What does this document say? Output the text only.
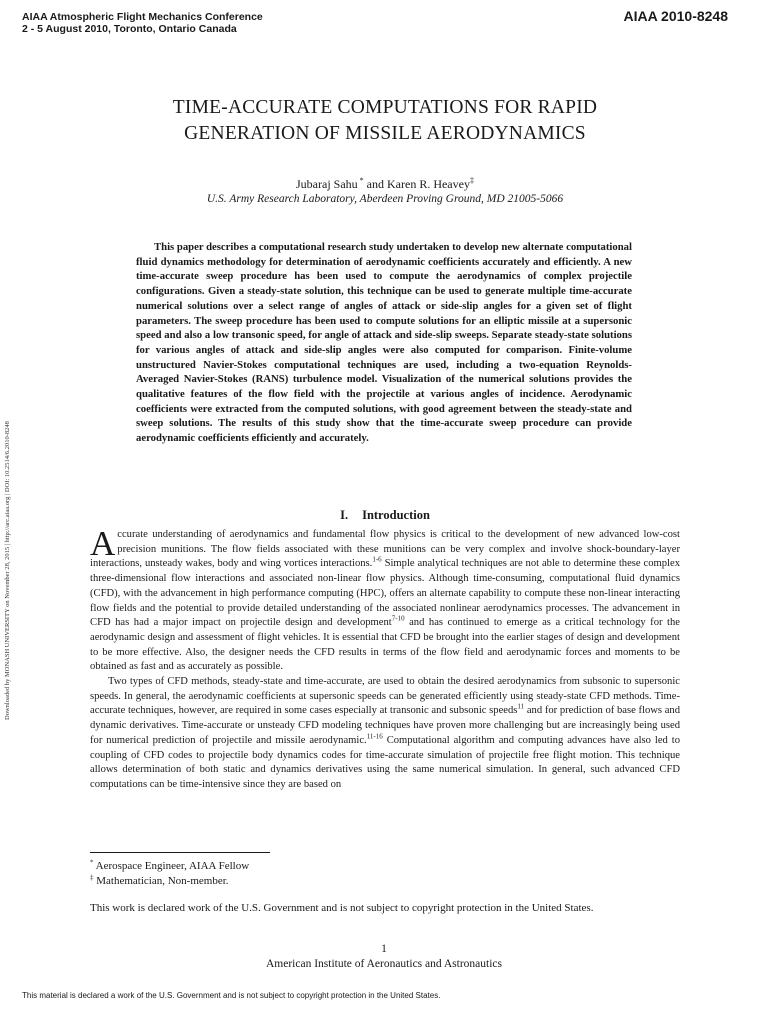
AIAA Atmospheric Flight Mechanics Conference
2 - 5 August 2010, Toronto, Ontario Canada
AIAA 2010-8248
Downloaded by MONASH UNIVERSITY on November 28, 2015 | http://arc.aiaa.org | DOI: 10.2514/6.2010-8248
TIME-ACCURATE COMPUTATIONS FOR RAPID
GENERATION OF MISSILE AERODYNAMICS
Jubaraj Sahu * and Karen R. Heavey‡
U.S. Army Research Laboratory, Aberdeen Proving Ground, MD 21005-5066
This paper describes a computational research study undertaken to develop new alternate computational fluid dynamics methodology for determination of aerodynamic coefficients accurately and efficiently. A new time-accurate sweep procedure has been used to compute the aerodynamics of complex projectile configurations. Given a steady-state solution, this technique can be used to generate multiple time-accurate numerical solutions over a select range of angles of attack or side-slip angles for a given set of flight parameters. The sweep procedure has been used to compute solutions for an elliptic missile at a supersonic speed and also a low transonic speed, for angle of attack and side-slip sweeps. Separate steady-state solutions for various angles of attack and side-slip angles were also computed for comparison. Finite-volume unstructured Navier-Stokes computational techniques are used, including a two-equation Reynolds-Averaged Navier-Stokes (RANS) turbulence model. Visualization of the numerical solutions provides the qualitative features of the flow field with the projectile at various angles of incidence. Aerodynamic coefficients were extracted from the computed solutions, with good agreement between the steady-state and sweep solutions. The results of this study show that the time-accurate sweep procedure can provide aerodynamic coefficients efficiently and accurately.
I. Introduction

Accurate understanding of aerodynamics and fundamental flow physics is critical to the development of new advanced low-cost precision munitions. The flow fields associated with these munitions can be very complex and involve shock-boundary-layer interactions, unsteady wakes, body and wing vortices interactions.$^{1-6}$ Simple analytical techniques are not able to determine these complex three-dimensional flow interactions and associated non-linear flow physics. Although time-consuming, computational fluid dynamics (CFD), with the advancement in high performance computing (HPC), offers an alternate capability to compute these non-linear interacting flow fields and the potential to provide detailed understanding of the associated nonlinear aerodynamics processes. The advancement in CFD has had a major impact on projectile design and development$^{7-10}$ and has continued to emerge as a critical technology for the aerodynamic design and assessment of flight vehicles. It is essential that CFD be brought into the earlier stages of design and development to be more effective. Also, the designer needs the CFD results in terms of the flow field and aerodynamic forces and moments to be obtained as fast and as accurately as possible.

Two types of CFD methods, steady-state and time-accurate, are used to obtain the desired aerodynamics from subsonic to supersonic speeds. In general, the aerodynamic coefficients at supersonic speeds can be generated efficiently using steady-state CFD methods. Time-accurate techniques, however, are required in some cases especially at transonic and subsonic speeds$^{11}$ and for prediction of base flows and dynamic derivatives. Time-accurate or unsteady CFD modeling techniques have proven more challenging but are increasingly being used for numerical prediction of projectile and missile aerodynamic.$^{11-16}$ Computational algorithm and computing advances have also led to coupling of CFD codes to projectile body dynamics codes for time-accurate simulation of projectile free flight motion. This technique allows determination of both static and dynamics derivatives using the same numerical simulation. In general, such advanced CFD computations can be time-intensive since they are based on

* Aerospace Engineer, AIAA Fellow
‡ Mathematician, Non-member.
This work is declared work of the U.S. Government and is not subject to copyright protection in the United States.
1
American Institute of Aeronautics and Astronautics
This material is declared a work of the U.S. Government and is not subject to copyright protection in the United States.
